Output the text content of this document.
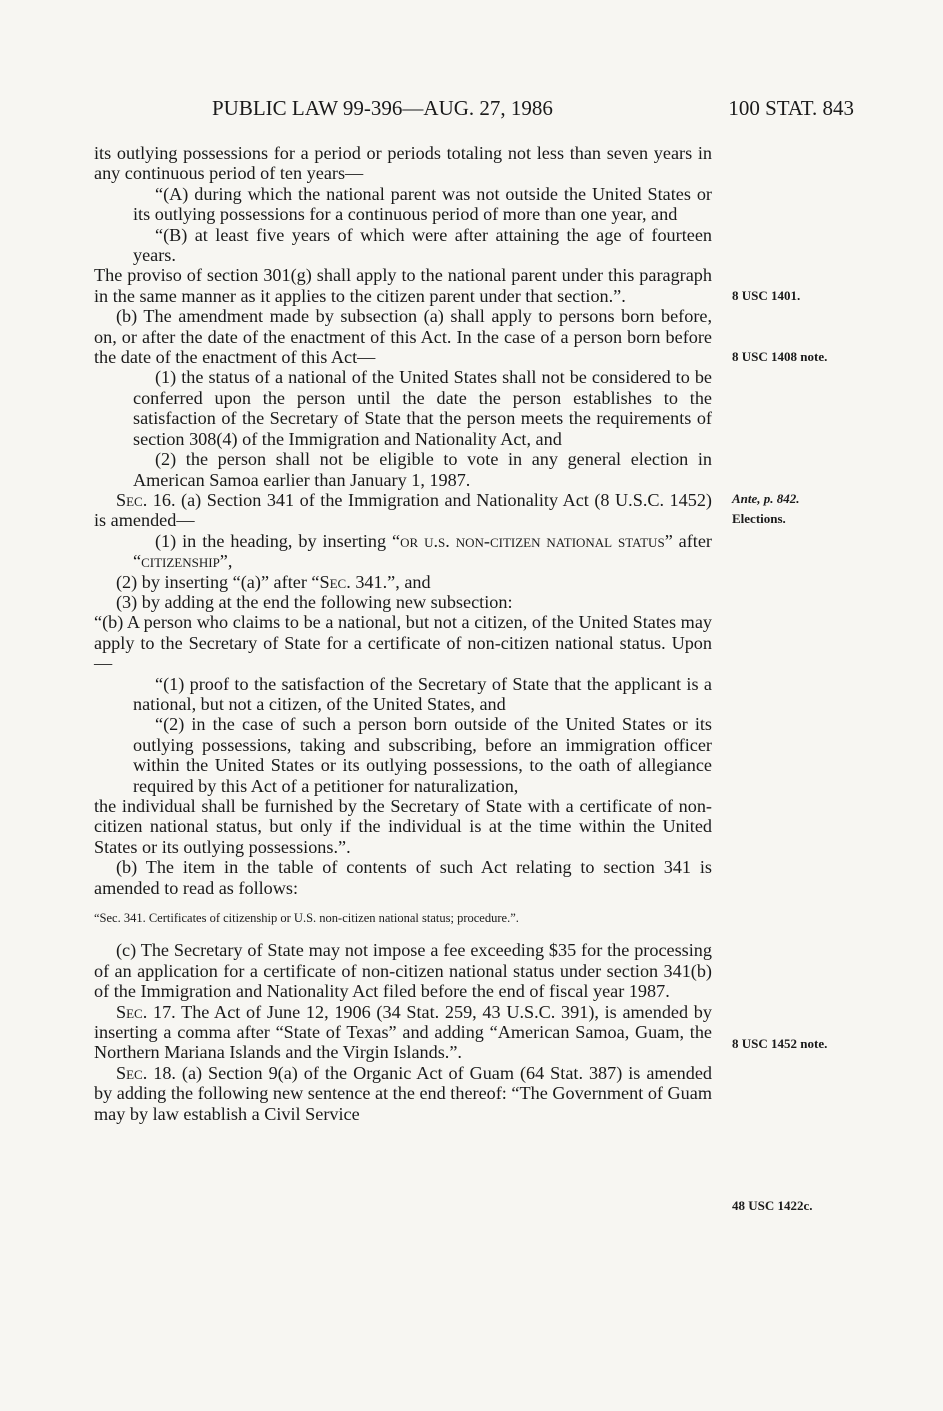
PUBLIC LAW 99-396—AUG. 27, 1986	100 STAT. 843

its outlying possessions for a period or periods totaling not less than seven years in any continuous period of ten years—

“(A) during which the national parent was not outside the United States or its outlying possessions for a continuous period of more than one year, and

“(B) at least five years of which were after attaining the age of fourteen years.

The proviso of section 301(g) shall apply to the national parent under this paragraph in the same manner as it applies to the citizen parent under that section.”.

(b) The amendment made by subsection (a) shall apply to persons born before, on, or after the date of the enactment of this Act. In the case of a person born before the date of the enactment of this Act—

(1) the status of a national of the United States shall not be considered to be conferred upon the person until the date the person establishes to the satisfaction of the Secretary of State that the person meets the requirements of section 308(4) of the Immigration and Nationality Act, and

(2) the person shall not be eligible to vote in any general election in American Samoa earlier than January 1, 1987.

Sec. 16. (a) Section 341 of the Immigration and Nationality Act (8 U.S.C. 1452) is amended—

(1) in the heading, by inserting “or u.s. non-citizen national status” after “citizenship”,

(2) by inserting “(a)” after “Sec. 341.”, and

(3) by adding at the end the following new subsection:

“(b) A person who claims to be a national, but not a citizen, of the United States may apply to the Secretary of State for a certificate of non-citizen national status. Upon—

“(1) proof to the satisfaction of the Secretary of State that the applicant is a national, but not a citizen, of the United States, and

“(2) in the case of such a person born outside of the United States or its outlying possessions, taking and subscribing, before an immigration officer within the United States or its outlying possessions, to the oath of allegiance required by this Act of a petitioner for naturalization,

the individual shall be furnished by the Secretary of State with a certificate of non-citizen national status, but only if the individual is at the time within the United States or its outlying possessions.”.

(b) The item in the table of contents of such Act relating to section 341 is amended to read as follows:

“Sec. 341. Certificates of citizenship or U.S. non-citizen national status; procedure.”.

(c) The Secretary of State may not impose a fee exceeding $35 for the processing of an application for a certificate of non-citizen national status under section 341(b) of the Immigration and Nationality Act filed before the end of fiscal year 1987.

Sec. 17. The Act of June 12, 1906 (34 Stat. 259, 43 U.S.C. 391), is amended by inserting a comma after “State of Texas” and adding “American Samoa, Guam, the Northern Mariana Islands and the Virgin Islands.”.

Sec. 18. (a) Section 9(a) of the Organic Act of Guam (64 Stat. 387) is amended by adding the following new sentence at the end thereof: “The Government of Guam may by law establish a Civil Service

8 USC 1401.
8 USC 1408 note.
Ante, p. 842.
Elections.
8 USC 1452 note.
48 USC 1422c.
